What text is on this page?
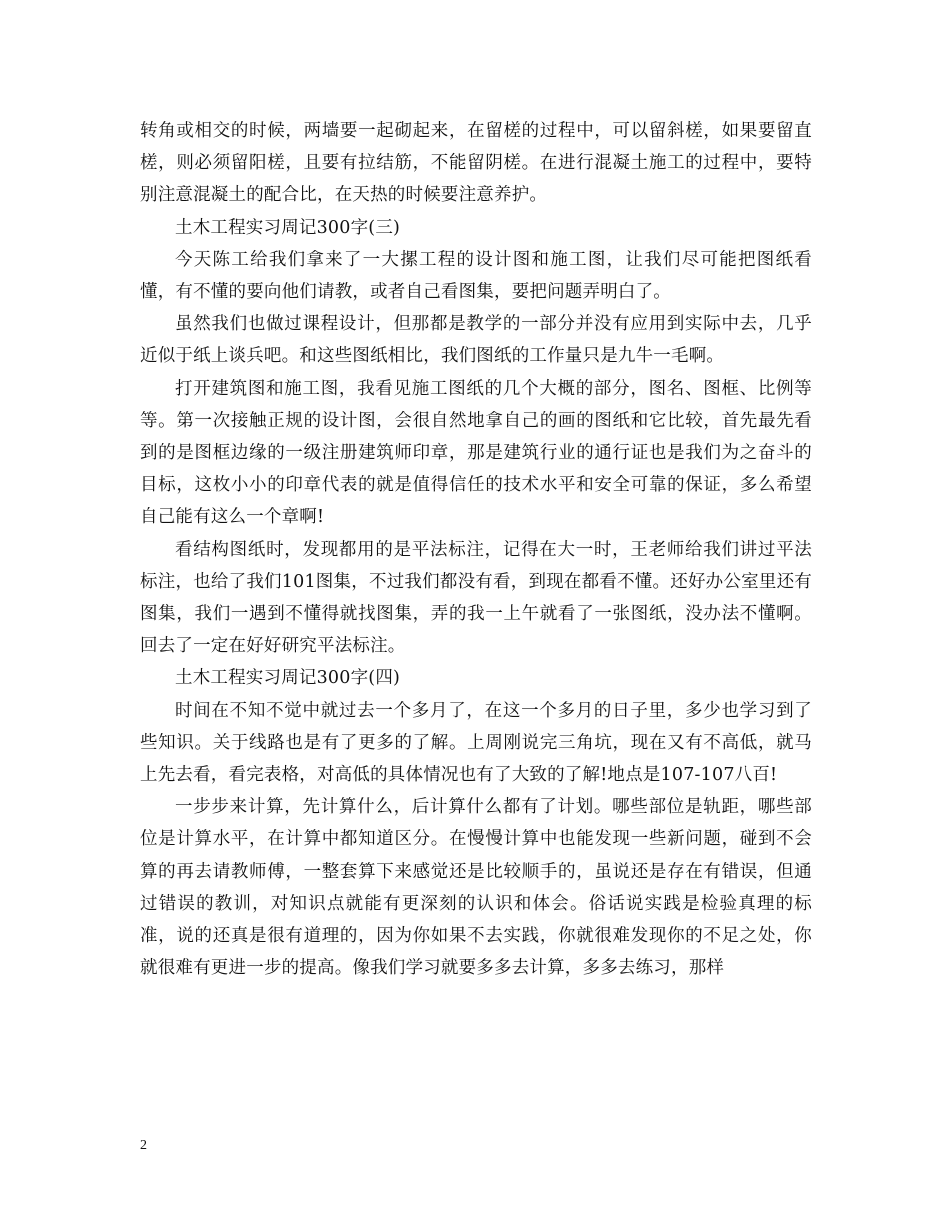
转角或相交的时候，两墙要一起砌起来，在留槎的过程中，可以留斜槎，如果要留直槎，则必须留阳槎，且要有拉结筋，不能留阴槎。在进行混凝土施工的过程中，要特别注意混凝土的配合比，在天热的时候要注意养护。

土木工程实习周记300字(三)

今天陈工给我们拿来了一大摞工程的设计图和施工图，让我们尽可能把图纸看懂，有不懂的要向他们请教，或者自己看图集，要把问题弄明白了。

虽然我们也做过课程设计，但那都是教学的一部分并没有应用到实际中去，几乎近似于纸上谈兵吧。和这些图纸相比，我们图纸的工作量只是九牛一毛啊。

打开建筑图和施工图，我看见施工图纸的几个大概的部分，图名、图框、比例等等。第一次接触正规的设计图，会很自然地拿自己的画的图纸和它比较，首先最先看到的是图框边缘的一级注册建筑师印章，那是建筑行业的通行证也是我们为之奋斗的目标，这枚小小的印章代表的就是值得信任的技术水平和安全可靠的保证，多么希望自己能有这么一个章啊!

看结构图纸时，发现都用的是平法标注，记得在大一时，王老师给我们讲过平法标注，也给了我们101图集，不过我们都没有看，到现在都看不懂。还好办公室里还有图集，我们一遇到不懂得就找图集，弄的我一上午就看了一张图纸，没办法不懂啊。回去了一定在好好研究平法标注。

土木工程实习周记300字(四)

时间在不知不觉中就过去一个多月了，在这一个多月的日子里，多少也学习到了些知识。关于线路也是有了更多的了解。上周刚说完三角坑，现在又有不高低，就马上先去看，看完表格，对高低的具体情况也有了大致的了解!地点是107-107八百!

一步步来计算，先计算什么，后计算什么都有了计划。哪些部位是轨距，哪些部位是计算水平，在计算中都知道区分。在慢慢计算中也能发现一些新问题，碰到不会算的再去请教师傅，一整套算下来感觉还是比较顺手的，虽说还是存在有错误，但通过错误的教训，对知识点就能有更深刻的认识和体会。俗话说实践是检验真理的标准，说的还真是很有道理的，因为你如果不去实践，你就很难发现你的不足之处，你就很难有更进一步的提高。像我们学习就要多多去计算，多多去练习，那样

2
